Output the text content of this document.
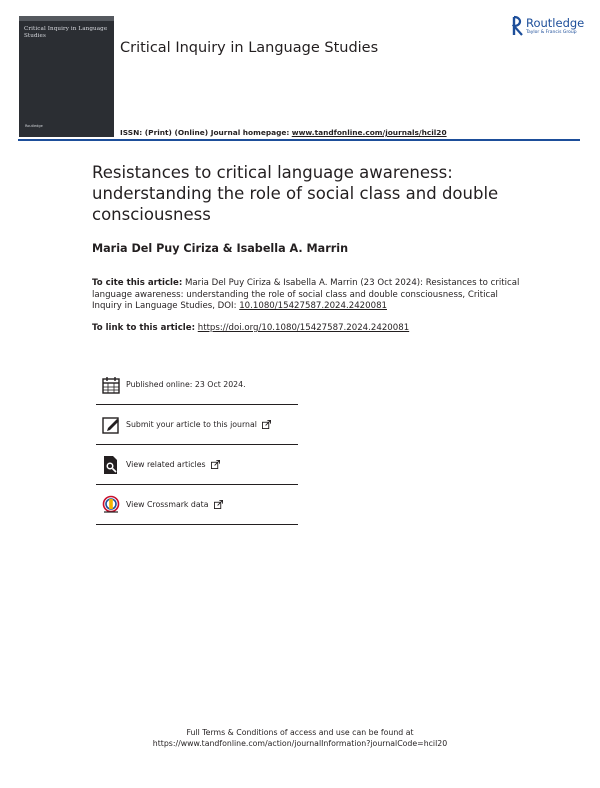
Critical Inquiry in Language Studies
Routledge
Critical Inquiry in Language Studies
Routledge
Taylor & Francis Group
ISSN: (Print) (Online) Journal homepage: www.tandfonline.com/journals/hcil20
Resistances to critical language awareness: understanding the role of social class and double consciousness
Maria Del Puy Ciriza & Isabella A. Marrin
To cite this article: Maria Del Puy Ciriza & Isabella A. Marrin (23 Oct 2024): Resistances to critical language awareness: understanding the role of social class and double consciousness, Critical Inquiry in Language Studies, DOI: 10.1080/15427587.2024.2420081
To link to this article: https://doi.org/10.1080/15427587.2024.2420081
Published online: 23 Oct 2024.
Submit your article to this journal
View related articles
View Crossmark data
Full Terms & Conditions of access and use can be found at
https://www.tandfonline.com/action/journalInformation?journalCode=hcil20
